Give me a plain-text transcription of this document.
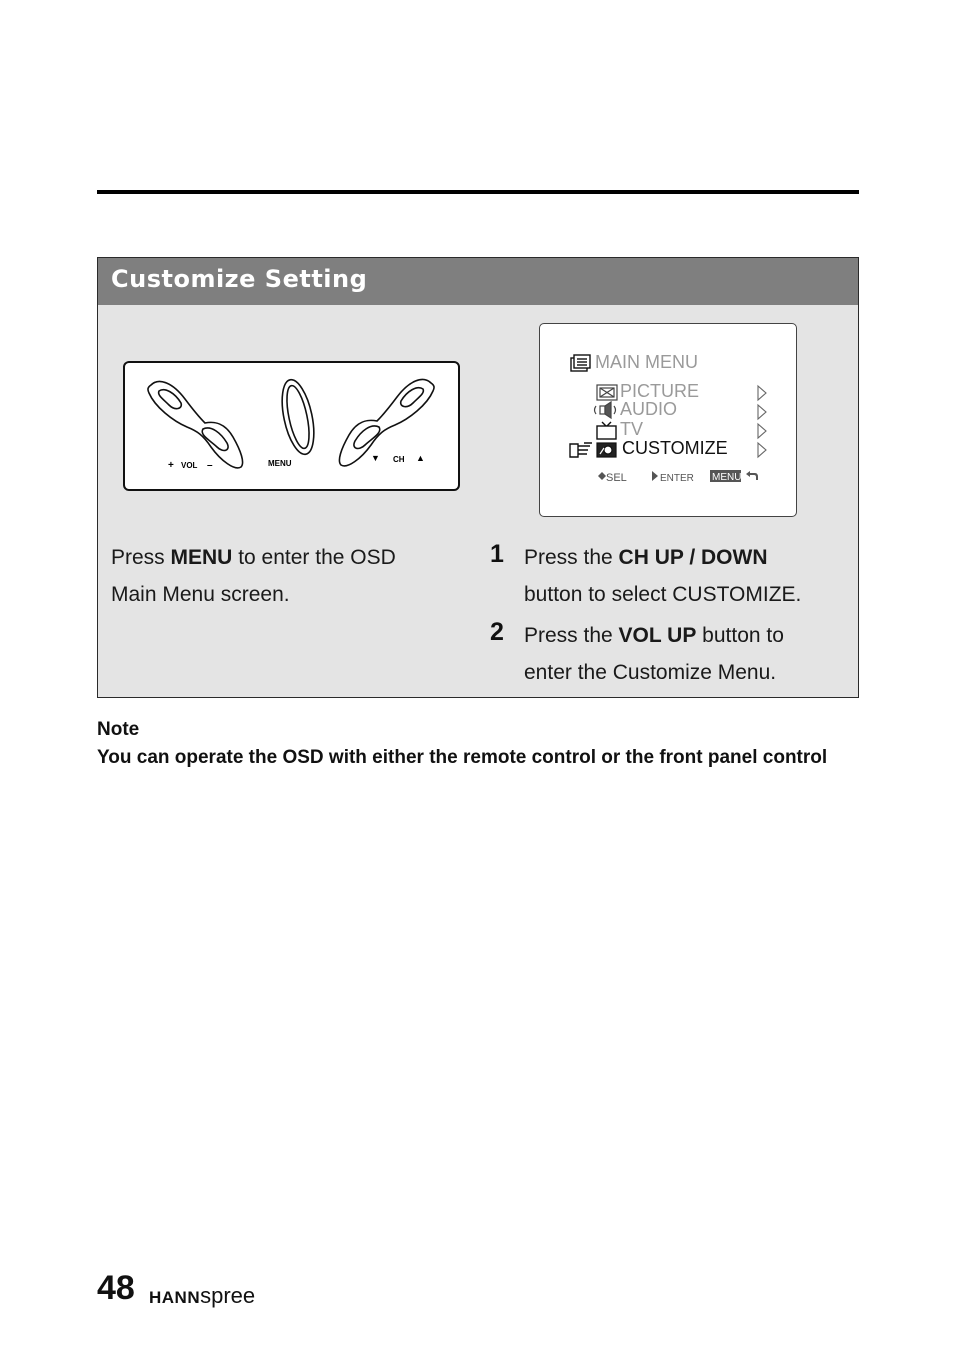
Customize Setting
+ VOL –	MENU
▼ CH ▲
SEL	ENTER MENU
MAIN MENU
PICTURE
AUDIO
TV
CUSTOMIZE
Press MENU to enter the OSD
Main Menu screen.
1 Press the CH UP / DOWN
button to select CUSTOMIZE.
2 Press the VOL UP button to
enter the Customize Menu.
Note
You can operate the OSD with either the remote control or the front panel control
48 HANNspree
